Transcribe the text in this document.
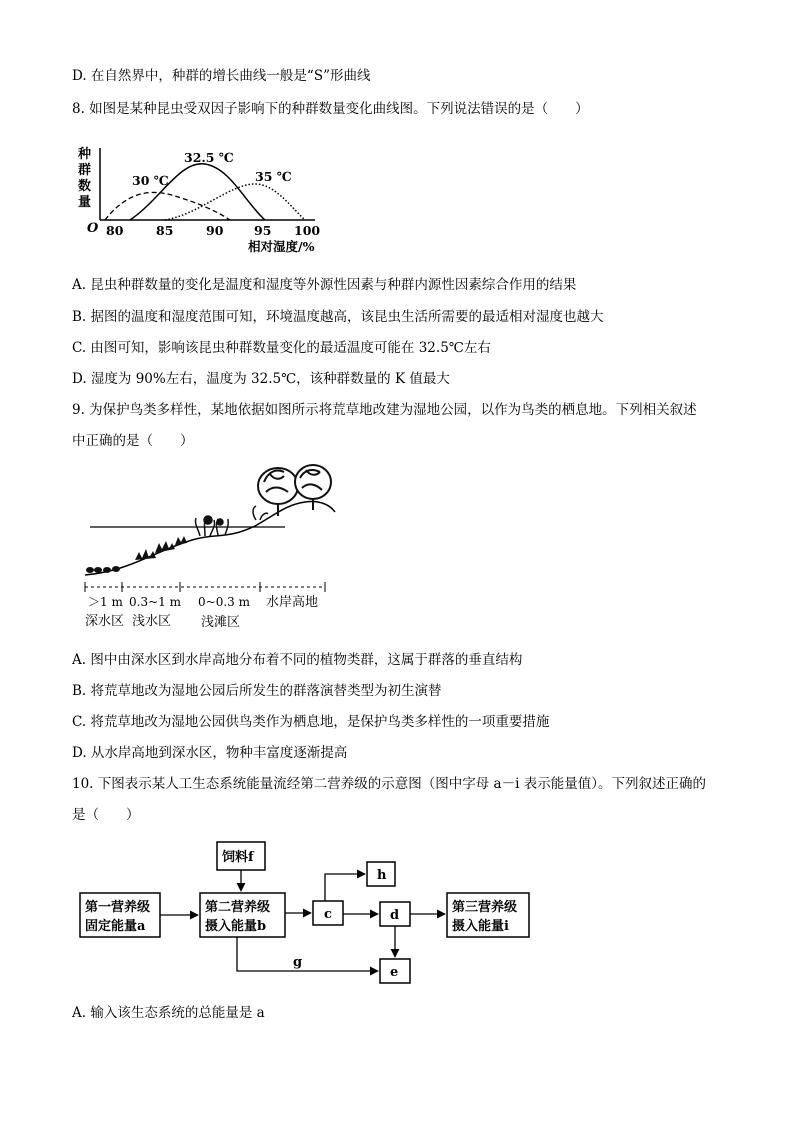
D. 在自然界中，种群的增长曲线一般是“S”形曲线
8. 如图是某种昆虫受双因子影响下的种群数量变化曲线图。下列说法错误的是（　　）
种
群
数
量
O
30 ℃
32.5 ℃
35 ℃
80	85	90 95 100
相对湿度/%
A. 昆虫种群数量的变化是温度和湿度等外源性因素与种群内源性因素综合作用的结果
B. 据图的温度和湿度范围可知，环境温度越高，该昆虫生活所需要的最适相对湿度也越大
C. 由图可知，影响该昆虫种群数量变化的最适温度可能在 32.5℃左右
D. 湿度为 90%左右，温度为 32.5℃，该种群数量的 K 值最大
9. 为保护鸟类多样性，某地依据如图所示将荒草地改建为湿地公园，以作为鸟类的栖息地。下列相关叙述
中正确的是（　　）
＞1 m 0.3~1 m 0~0.3 m 水岸高地
深水区 浅水区 浅滩区
A. 图中由深水区到水岸高地分布着不同的植物类群，这属于群落的垂直结构
B. 将荒草地改为湿地公园后所发生的群落演替类型为初生演替
C. 将荒草地改为湿地公园供鸟类作为栖息地，是保护鸟类多样性的一项重要措施
D. 从水岸高地到深水区，物种丰富度逐渐提高
10. 下图表示某人工生态系统能量流经第二营养级的示意图（图中字母 a－i 表示能量值）。下列叙述正确的
是（　　）
饲料f
第一营养级
固定能量a
第二营养级
摄入能量b
c
h
d
e
第三营养级
摄入能量i
g
A. 输入该生态系统的总能量是 a
